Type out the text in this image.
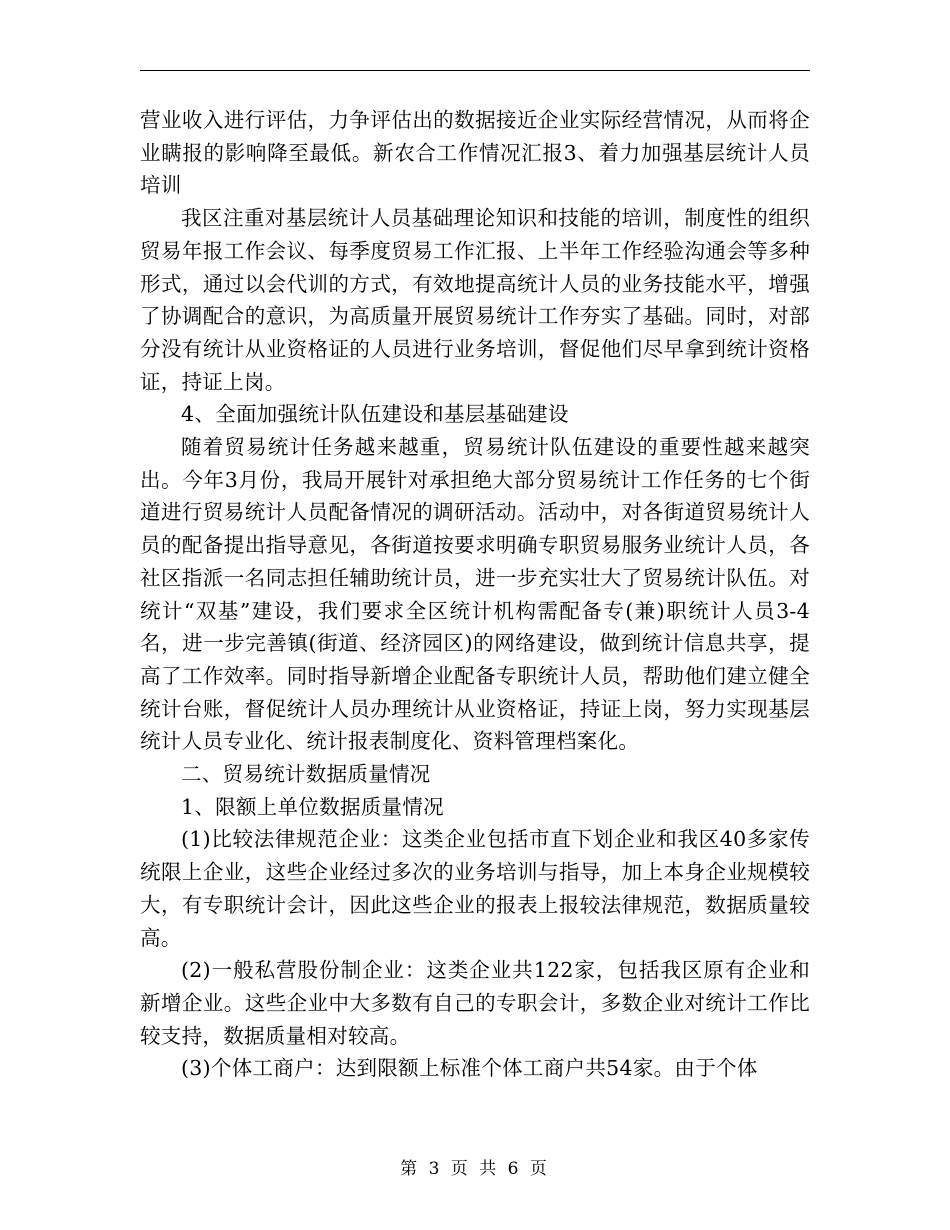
营业收入进行评估，力争评估出的数据接近企业实际经营情况，从而将企业瞒报的影响降至最低。新农合工作情况汇报3、着力加强基层统计人员培训

我区注重对基层统计人员基础理论知识和技能的培训，制度性的组织贸易年报工作会议、每季度贸易工作汇报、上半年工作经验沟通会等多种形式，通过以会代训的方式，有效地提高统计人员的业务技能水平，增强了协调配合的意识，为高质量开展贸易统计工作夯实了基础。同时，对部分没有统计从业资格证的人员进行业务培训，督促他们尽早拿到统计资格证，持证上岗。

4、全面加强统计队伍建设和基层基础建设

随着贸易统计任务越来越重，贸易统计队伍建设的重要性越来越突出。今年3月份，我局开展针对承担绝大部分贸易统计工作任务的七个街道进行贸易统计人员配备情况的调研活动。活动中，对各街道贸易统计人员的配备提出指导意见，各街道按要求明确专职贸易服务业统计人员，各社区指派一名同志担任辅助统计员，进一步充实壮大了贸易统计队伍。对统计“双基”建设，我们要求全区统计机构需配备专(兼)职统计人员3-4名，进一步完善镇(街道、经济园区)的网络建设，做到统计信息共享，提高了工作效率。同时指导新增企业配备专职统计人员，帮助他们建立健全统计台账，督促统计人员办理统计从业资格证，持证上岗，努力实现基层统计人员专业化、统计报表制度化、资料管理档案化。

二、贸易统计数据质量情况

1、限额上单位数据质量情况

(1)比较法律规范企业：这类企业包括市直下划企业和我区40多家传统限上企业，这些企业经过多次的业务培训与指导，加上本身企业规模较大，有专职统计会计，因此这些企业的报表上报较法律规范，数据质量较高。

(2)一般私营股份制企业：这类企业共122家，包括我区原有企业和新增企业。这些企业中大多数有自己的专职会计，多数企业对统计工作比较支持，数据质量相对较高。

(3)个体工商户：达到限额上标准个体工商户共54家。由于个体

第 3 页 共 6 页
